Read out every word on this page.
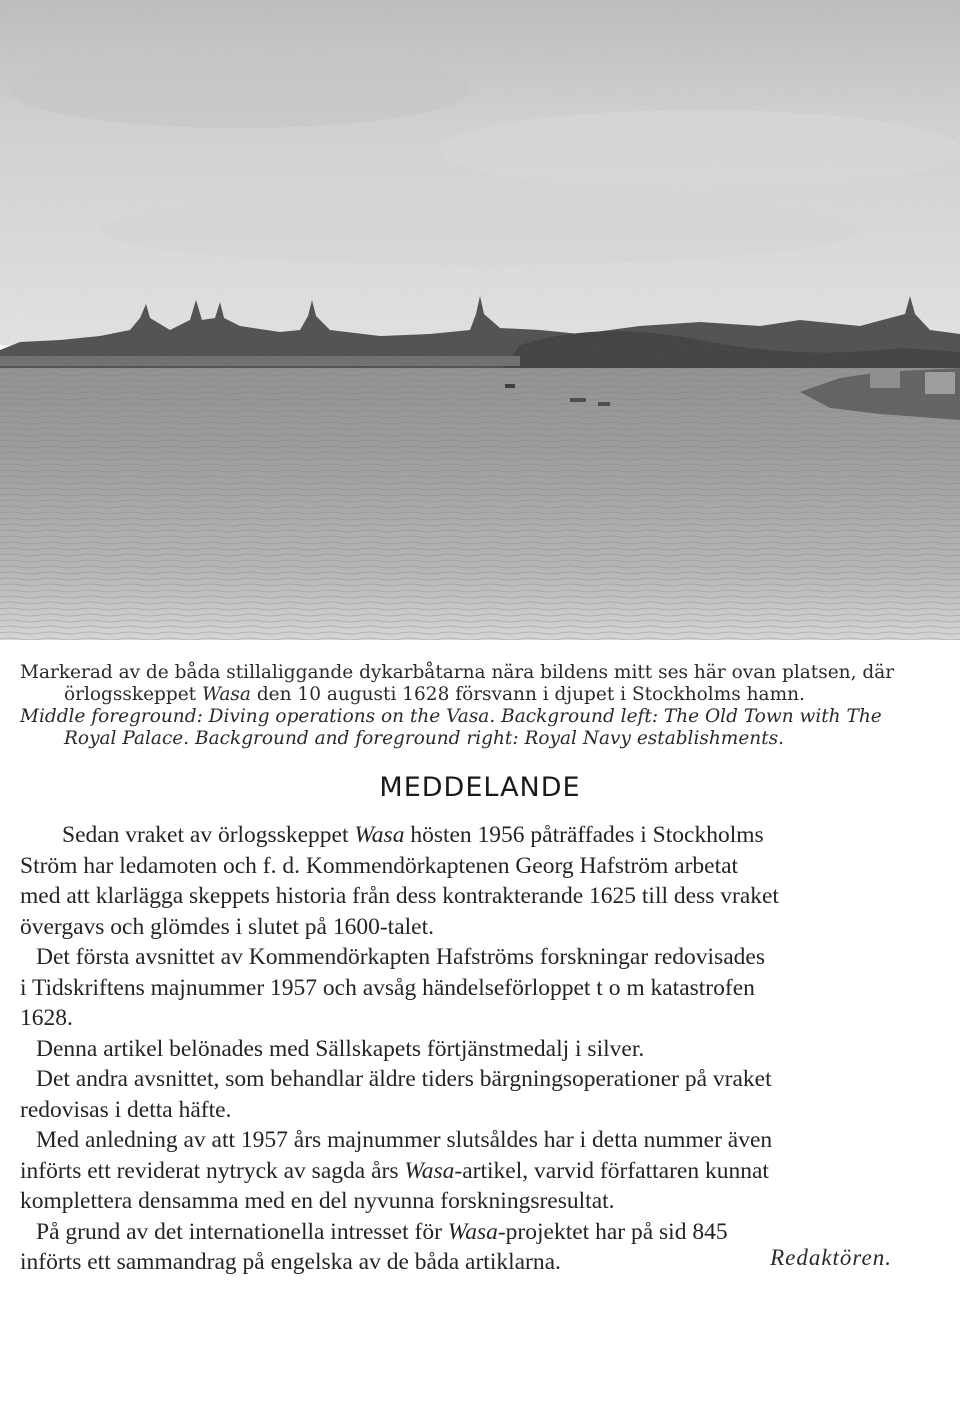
Markerad av de båda stillaliggande dykarbåtarna nära bildens mitt ses här ovan platsen, där
örlogsskeppet Wasa den 10 augusti 1628 försvann i djupet i Stockholms hamn.
Middle foreground: Diving operations on the Vasa. Background left: The Old Town with The
Royal Palace. Background and foreground right: Royal Navy establishments.
MEDDELANDE
Sedan vraket av örlogsskeppet Wasa hösten 1956 påträffades i Stockholms
Ström har ledamoten och f. d. Kommendörkaptenen Georg Hafström arbetat
med att klarlägga skeppets historia från dess kontrakterande 1625 till dess vraket
övergavs och glömdes i slutet på 1600-talet.
Det första avsnittet av Kommendörkapten Hafströms forskningar redovisades
i Tidskriftens majnummer 1957 och avsåg händelseförloppet t o m katastrofen
1628.
Denna artikel belönades med Sällskapets förtjänstmedalj i silver.
Det andra avsnittet, som behandlar äldre tiders bärgningsoperationer på vraket
redovisas i detta häfte.
Med anledning av att 1957 års majnummer slutsåldes har i detta nummer även
införts ett reviderat nytryck av sagda års Wasa-artikel, varvid författaren kunnat
komplettera densamma med en del nyvunna forskningsresultat.
På grund av det internationella intresset för Wasa-projektet har på sid 845
införts ett sammandrag på engelska av de båda artiklarna.	Redaktören.
